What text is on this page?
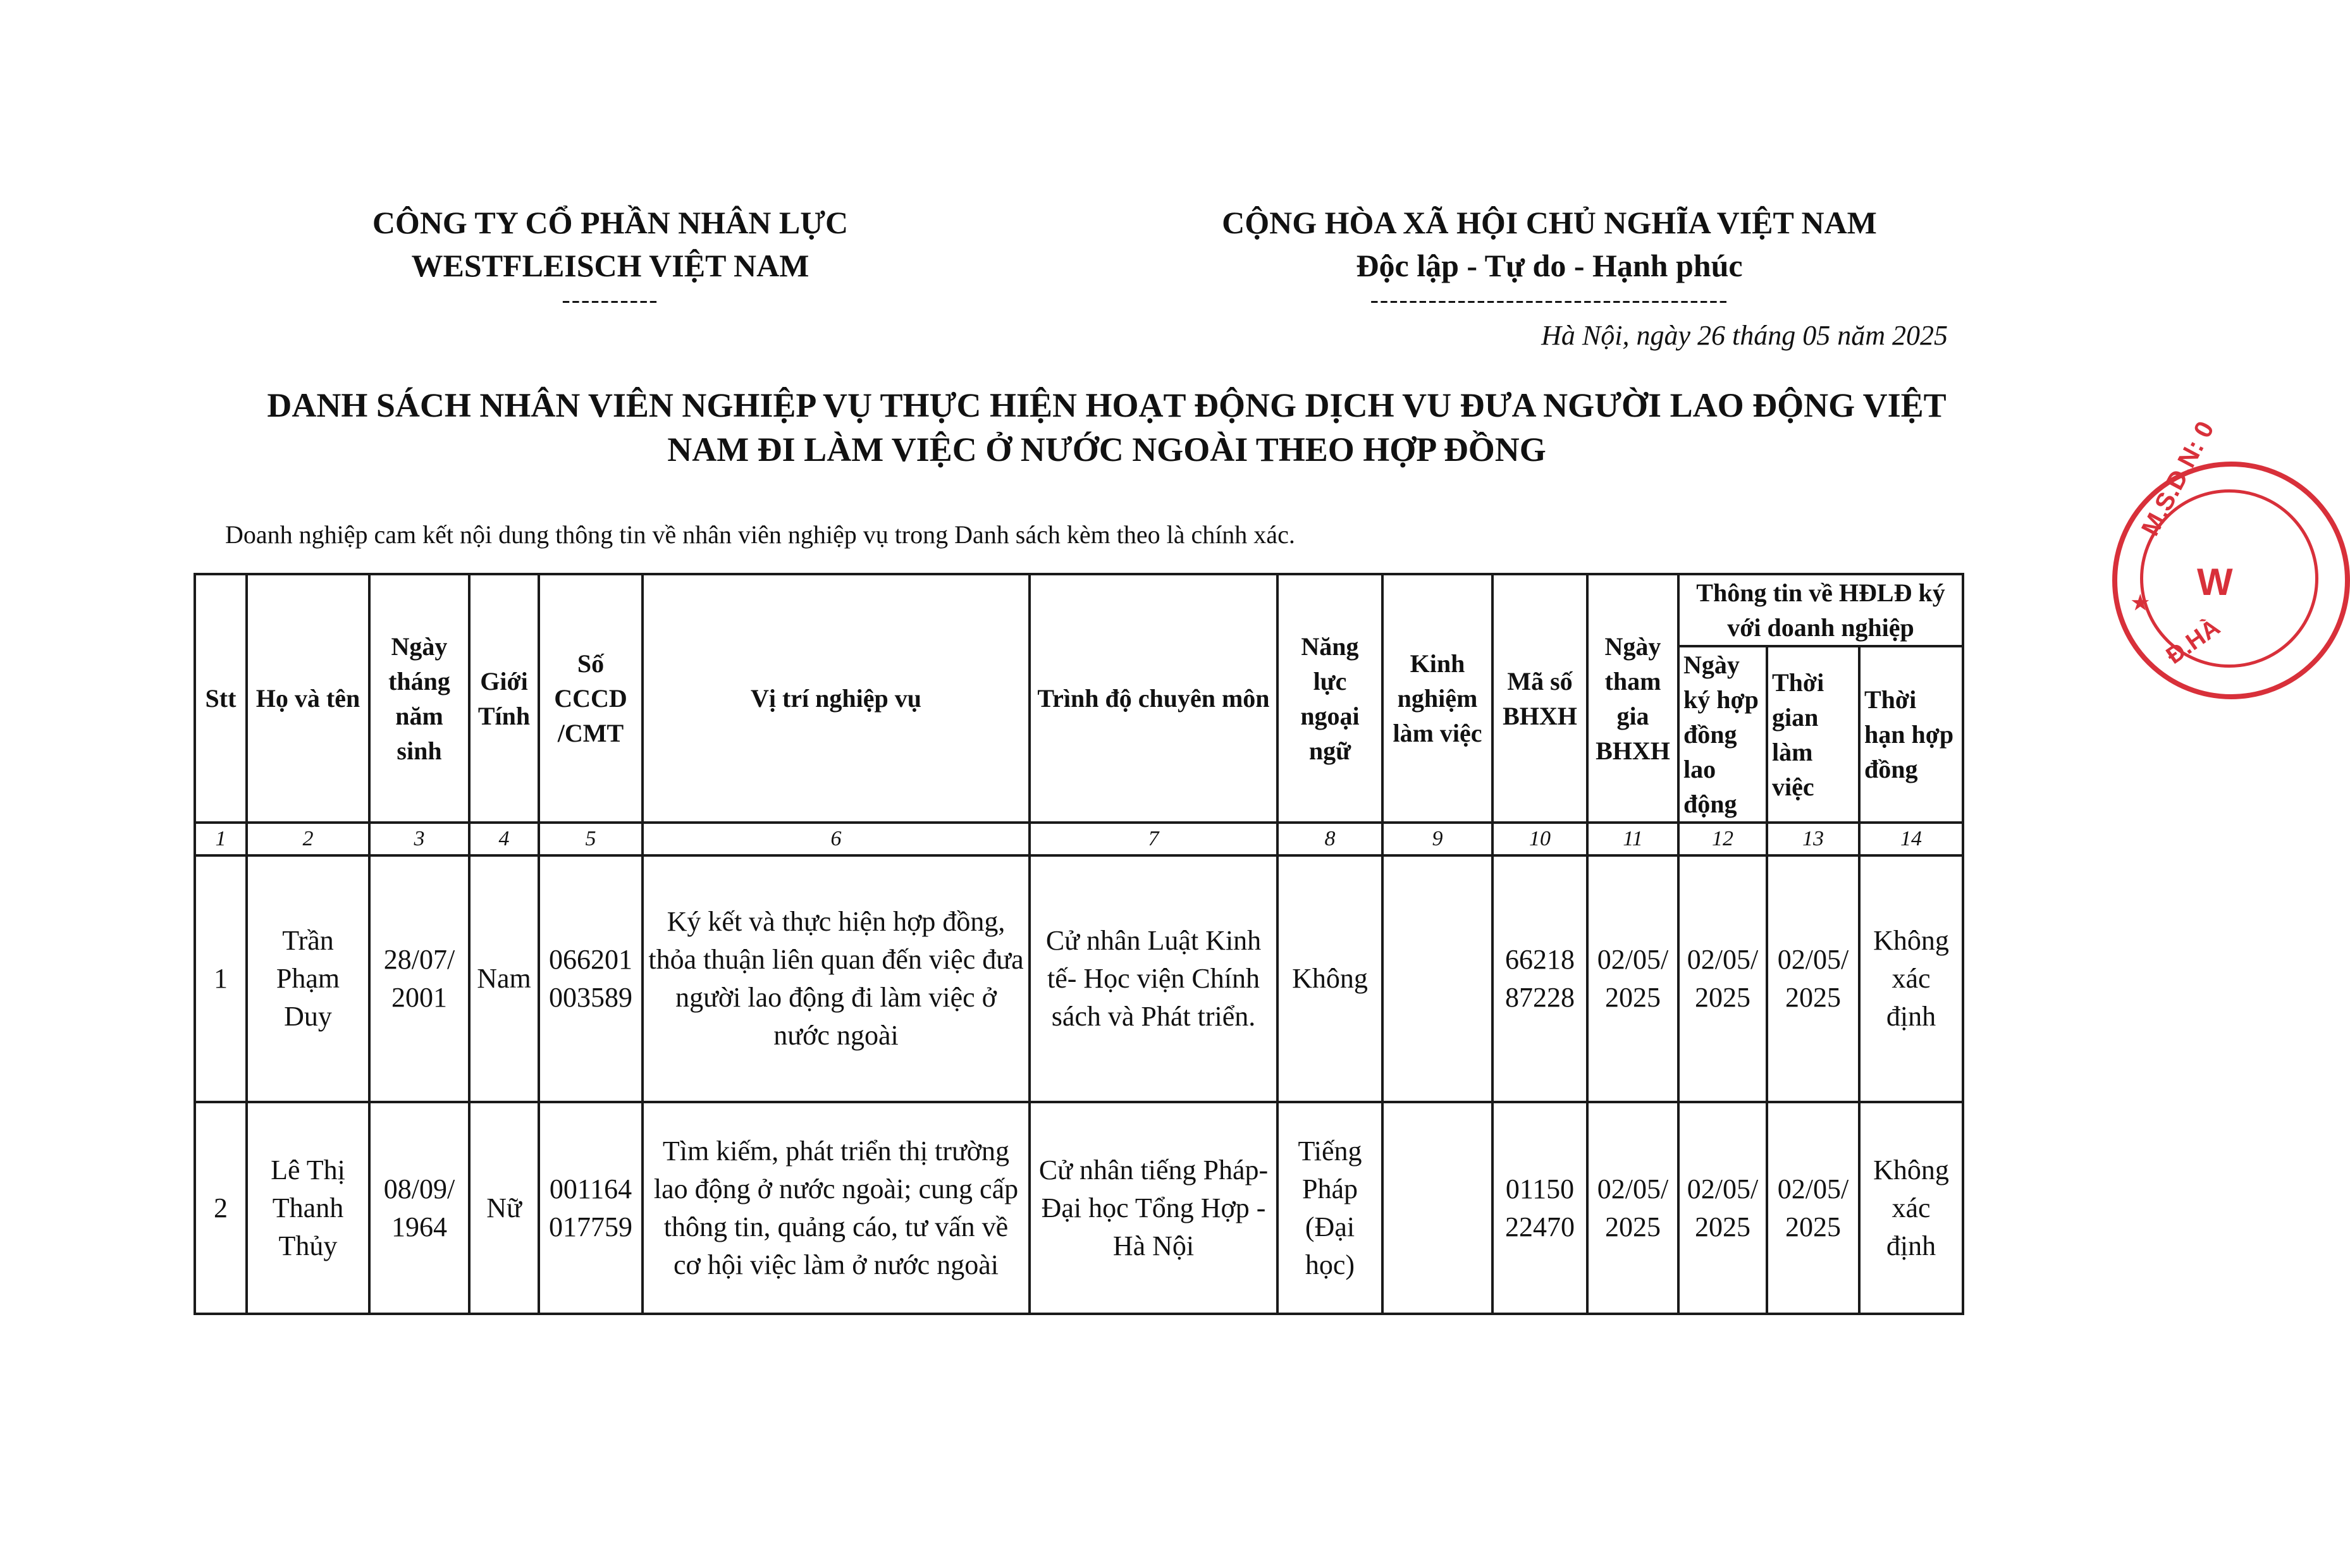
CÔNG TY CỔ PHẦN NHÂN LỰC
WESTFLEISCH VIỆT NAM
----------
CỘNG HÒA XÃ HỘI CHỦ NGHĨA VIỆT NAM
Độc lập - Tự do - Hạnh phúc
-------------------------------------
Hà Nội, ngày 26 tháng 05 năm 2025
DANH SÁCH NHÂN VIÊN NGHIỆP VỤ THỰC HIỆN HOẠT ĐỘNG DỊCH VU ĐƯA NGƯỜI LAO ĐỘNG VIỆT
NAM ĐI LÀM VIỆC Ở NƯỚC NGOÀI THEO HỢP ĐỒNG
Doanh nghiệp cam kết nội dung thông tin về nhân viên nghiệp vụ trong Danh sách kèm theo là chính xác.
Stt	Họ và tên	Ngày tháng năm sinh	Giới Tính	Số CCCD /CMT	Vị trí nghiệp vụ	Trình độ chuyên môn	Năng lực ngoại ngữ	Kinh nghiệm làm việc	Mã số BHXH	Ngày tham gia BHXH	Thông tin về HĐLĐ ký với doanh nghiệp		
											Ngày ký hợp đồng lao động	Thời gian làm việc	Thời hạn hợp đồng
1	2	3	4	5	6	7	8	9	10	11	12	13	14
1	Trần Phạm Duy	28/07/ 2001	Nam	066201 003589	Ký kết và thực hiện hợp đồng, thỏa thuận liên quan đến việc đưa người lao động đi làm việc ở nước ngoài	Cử nhân Luật Kinh tế- Học viện Chính sách và Phát triển.	Không		66218 87228	02/05/ 2025	02/05/ 2025	02/05/ 2025	Không xác định
2	Lê Thị Thanh Thủy	08/09/ 1964	Nữ	001164 017759	Tìm kiếm, phát triển thị trường lao động ở nước ngoài; cung cấp thông tin, quảng cáo, tư vấn về cơ hội việc làm ở nước ngoài	Cử nhân tiếng Pháp- Đại học Tổng Hợp - Hà Nội	Tiếng Pháp (Đại học)		01150 22470	02/05/ 2025	02/05/ 2025	02/05/ 2025	Không xác định
M.S.D.N: 0
★ W
Đ.HÀ
